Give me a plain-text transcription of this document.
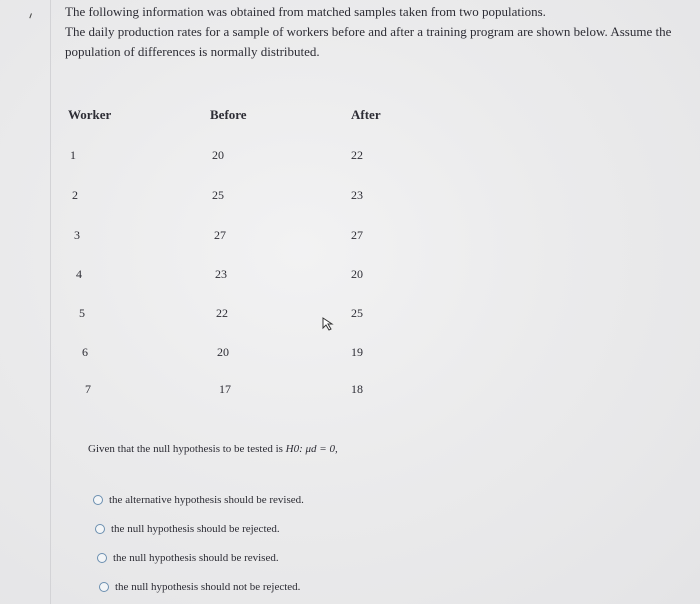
The following information was obtained from matched samples taken from two populations.

The daily production rates for a sample of workers before and after a training program are shown below. Assume the population of differences is normally distributed.

Worker	Before	After
1	20	22
2	25	23
3	27	27
4	23	20
5	22	25
6	20	19
7	17	18
Given that the null hypothesis to be tested is H0: μd = 0,
the alternative hypothesis should be revised.
the null hypothesis should be rejected.
the null hypothesis should be revised.
the null hypothesis should not be rejected.
